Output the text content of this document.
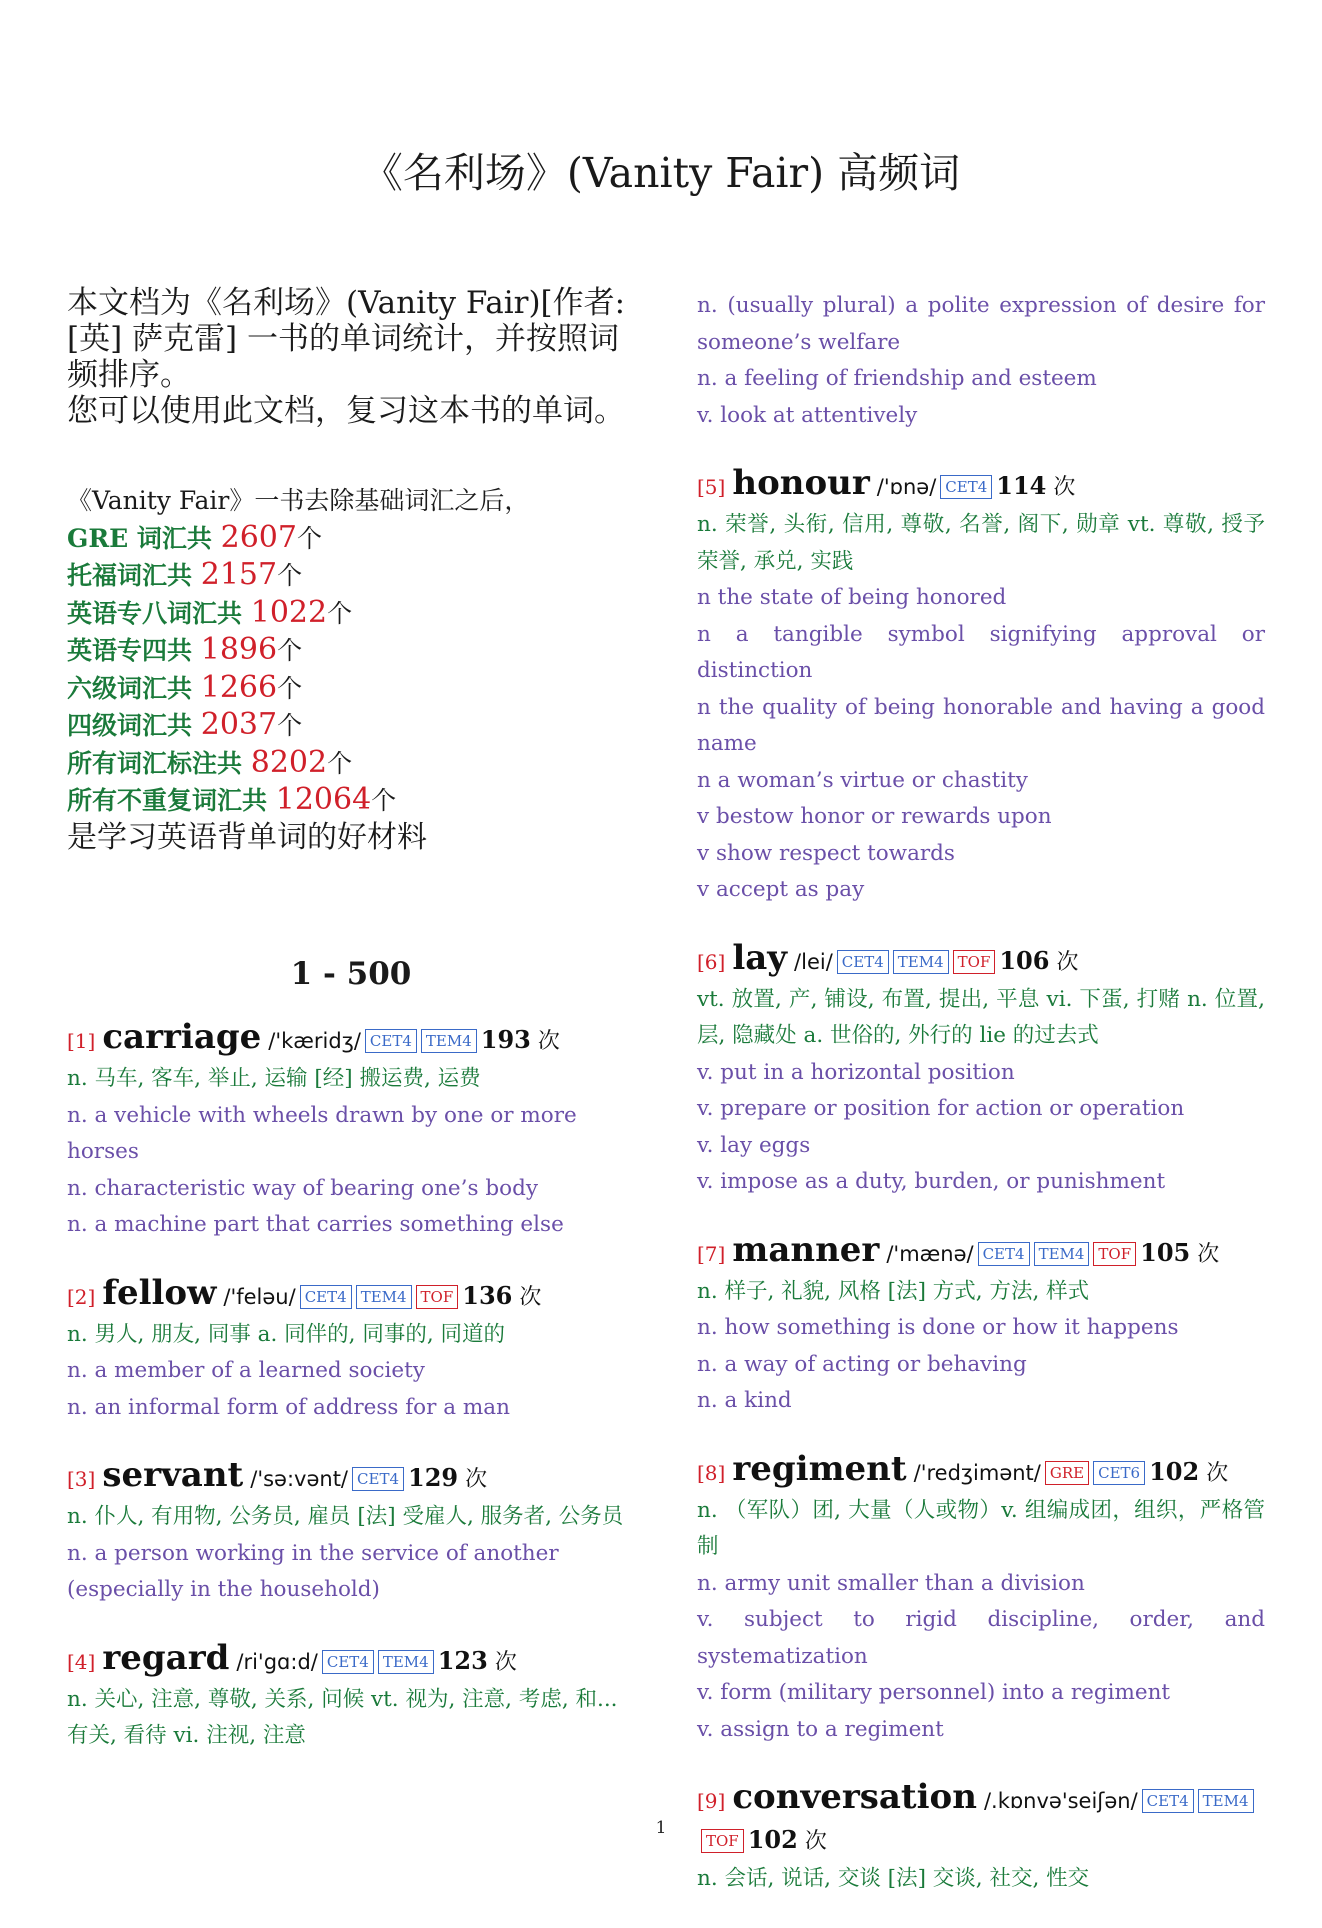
《名利场》(Vanity Fair) 高频词

本文档为《名利场》(Vanity Fair)[作者: [英] 萨克雷] 一书的单词统计，并按照词频排序。

您可以使用此文档，复习这本书的单词。

《Vanity Fair》一书去除基础词汇之后，
GRE 词汇共 2607个
托福词汇共 2157个
英语专八词汇共 1022个
英语专四共 1896个
六级词汇共 1266个
四级词汇共 2037个
所有词汇标注共 8202个
所有不重复词汇共 12064个
是学习英语背单词的好材料
1 - 500
[1] carriage /'kæridʒ/ CET4 TEM4 193 次
n. 马车, 客车, 举止, 运输 [经] 搬运费, 运费
n. a vehicle with wheels drawn by one or more horses
n. characteristic way of bearing one’s body
n. a machine part that carries something else
[2] fellow /'feləu/ CET4 TEM4 TOF 136 次
n. 男人, 朋友, 同事 a. 同伴的, 同事的, 同道的
n. a member of a learned society
n. an informal form of address for a man
[3] servant /'sə:vənt/ CET4 129 次
n. 仆人, 有用物, 公务员, 雇员 [法] 受雇人, 服务者, 公务员
n. a person working in the service of another (especially in the household)
[4] regard /ri'gɑ:d/ CET4 TEM4 123 次
n. 关心, 注意, 尊敬, 关系, 问候 vt. 视为, 注意, 考虑, 和... 有关, 看待 vi. 注视, 注意
n. (usually plural) a polite expression of desire for someone’s welfare
n. a feeling of friendship and esteem
v. look at attentively
[5] honour /'ɒnə/ CET4 114 次
n. 荣誉, 头衔, 信用, 尊敬, 名誉, 阁下, 勋章 vt. 尊敬, 授予荣誉, 承兑, 实践
n the state of being honored
n a tangible symbol signifying approval or distinction
n the quality of being honorable and having a good name
n a woman’s virtue or chastity
v bestow honor or rewards upon
v show respect towards
v accept as pay
[6] lay /lei/ CET4 TEM4 TOF 106 次
vt. 放置, 产, 铺设, 布置, 提出, 平息 vi. 下蛋, 打赌 n. 位置, 层, 隐藏处 a. 世俗的, 外行的 lie 的过去式
v. put in a horizontal position
v. prepare or position for action or operation
v. lay eggs
v. impose as a duty, burden, or punishment
[7] manner /'mænə/ CET4 TEM4 TOF 105 次
n. 样子, 礼貌, 风格 [法] 方式, 方法, 样式
n. how something is done or how it happens
n. a way of acting or behaving
n. a kind
[8] regiment /'redʒimənt/ GRE CET6 102 次
n. （军队）团, 大量（人或物）v. 组编成团，组织，严格管制
n. army unit smaller than a division
v. subject to rigid discipline, order, and systematization
v. form (military personnel) into a regiment
v. assign to a regiment
[9] conversation /.kɒnvə'seiʃən/ CET4 TEM4TOF 102 次
n. 会话, 说话, 交谈 [法] 交谈, 社交, 性交
1
